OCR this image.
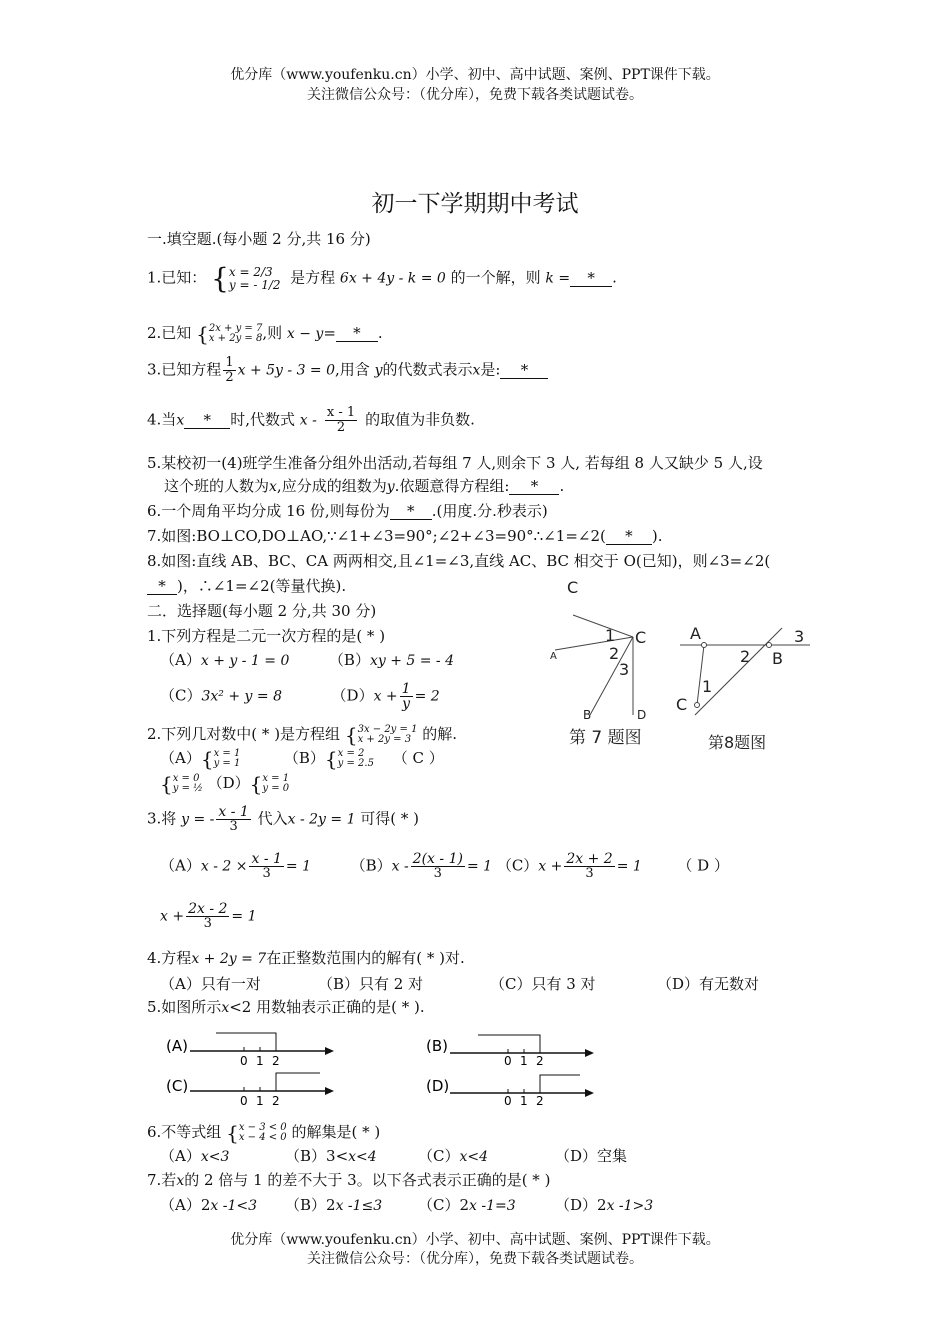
优分库（www.youfenku.cn）小学、初中、高中试题、案例、PPT课件下载。
关注微信公众号：（优分库），免费下载各类试题试卷。
初一下学期期中考试
一.填空题.(每小题 2 分,共 16 分)
1.已知： { x = 2/3
y = - 1/2 是方程 6x + 4y - k = 0 的一个解，则 k = * .
2.已知 { 2x + y = 7
x + 2y = 8 ,则 x − y= * .
3.已知方程 $\frac{1}{2}$ x + 5y - 3 = 0,用含 y的代数式表示x是: *
4.当x * 时,代数式 x - $\frac{x - 1}{2}$ 的取值为非负数.
5.某校初一(4)班学生准备分组外出活动,若每组 7 人,则余下 3 人, 若每组 8 人又缺少 5 人,设
这个班的人数为x,应分成的组数为y.依题意得方程组: * .
6.一个周角平均分成 16 份,则每份为 * .(用度.分.秒表示)
7.如图:BO⊥CO,DO⊥AO,∵∠1+∠3=90°;∠2+∠3=90°∴∠1=∠2( * ).
8.如图:直线 AB、BC、CA 两两相交,且∠1=∠3,直线 AC、BC 相交于 O(已知)，则∠3=∠2(
* )，∴∠1=∠2(等量代换).
二．选择题(每小题 2 分,共 30 分)
1.下列方程是二元一次方程的是( * )
（A）x + y - 1 = 0	（B）xy + 5 = - 4
（C）3x² + y = 8	$(D)x + \frac{1}{y} = 2$
2.下列几对数中( * )是方程组 { 3x − 2y = 1
x + 2y = 3 的解.
（A）{ x = 1
y = 1	（B）{ x = 2
y = 2.5 （ C ）
{ x = 0
y = ½ （D）{ x = 1
y = 0
3.将 y = - $\frac{x - 1}{3}$ 代入x - 2y = 1 可得( * )
$(A)x - 2 \times \frac{x - 1}{3} = 1$	$(B)x - \frac{2(x - 1)}{3} = 1$ $(C)x + \frac{2x + 2}{3} = 1$ （ D ）
$x + \frac{2x - 2}{3} = 1$
4.方程x + 2y = 7在正整数范围内的解有( * )对.
（A）只有一对	（B）只有 2 对	（C）只有 3 对	（D）有无数对
5.如图所示x<2 用数轴表示正确的是( * ).
(A)
0 1 2
(B)
0 1 2
(C)
0 1 2
(D)
0 1 2
6.不等式组 { x − 3 < 0
x − 4 < 0 的解集是( * )
（A）x<3	（B）3<x<4	（C）x<4	（D）空集
7.若x的 2 倍与 1 的差不大于 3。以下各式表示正确的是( * )
（A）2x -1<3 （B）2x -1≤3 （C）2x -1=3	（D）2x -1>3
C
1 C
A	2
3
B	D
第 7 题图
A	3
2 B
1
C
第8题图
优分库（www.youfenku.cn）小学、初中、高中试题、案例、PPT课件下载。
关注微信公众号：（优分库），免费下载各类试题试卷。
